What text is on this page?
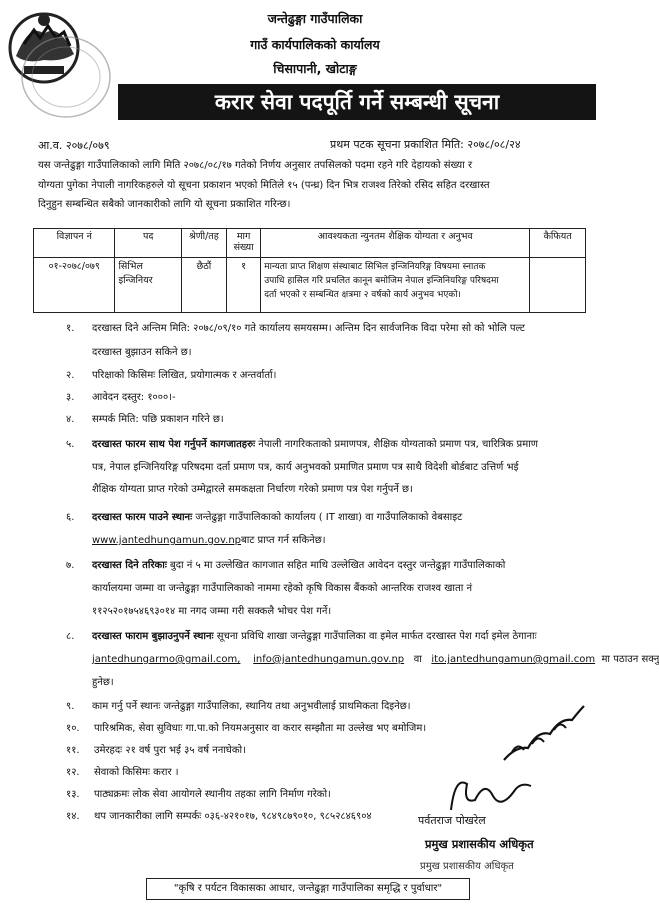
जन्तेढुङ्गा गाउँपालिका
गाउँ कार्यपालिकको कार्यालय
चिसापानी, खोटाङ्ग
करार सेवा पदपूर्ति गर्ने सम्बन्धी सूचना
आ.व. २०७८/०७९	प्रथम पटक सूचना प्रकाशित मिति: २०७८/०८/२४
यस जन्तेढुङ्गा गाउँपालिकाको लागि मिति २०७८/०८/१७ गतेको निर्णय अनुसार तपसिलको पदमा रहने गरि देहायको संख्या र
योग्यता पुगेका नेपाली नागरिकहरुले यो सूचना प्रकाशन भएको मितिले १५ (पन्ध्र) दिन भित्र राजश्व तिरेको रसिद सहित दरखास्त
दिनुहुन सम्बन्धित सबैको जानकारीको लागि यो सूचना प्रकाशित गरिन्छ।
विज्ञापन नं	पद	श्रेणी/तह	माग संख्या	आवश्यकता न्युनतम शैक्षिक योग्यता र अनुभव	कैफियत
०१-२०७८/०७९	सिभिल इन्जिनियर	छैठौं	१	मान्यता प्राप्त शिक्षण संस्थाबाट सिभिल इन्जिनियरिङ्ग विषयमा स्नातक
उपाधि हासिल गरि प्रचलित कानून बमोजिम नेपाल इन्जिनियरिङ्ग परिषदमा
दर्ता भएको र सम्बन्धित क्षत्रमा २ वर्षको कार्य अनुभव भएको।	

१. दरखास्त दिने अन्तिम मिति: २०७८/०९/१० गते कार्यालय समयसम्म। अन्तिम दिन सार्वजनिक विदा परेमा सो को भोलि पल्ट
दरखास्त बुझाउन सकिने छ।
२. परिक्षाको किसिमः लिखित, प्रयोगात्मक र अन्तर्वार्ता।
३. आवेदन दस्तुर: १०००।-
४. सम्पर्क मिति: पछि प्रकाशन गरिने छ।
५. दरखास्त फारम साथ पेश गर्नुपर्ने कागजातहरुः नेपाली नागरिकताको प्रमाणपत्र, शैक्षिक योग्यताको प्रमाण पत्र, चारित्रिक प्रमाण
पत्र, नेपाल इन्जिनियरिङ्ग परिषदमा दर्ता प्रमाण पत्र, कार्य अनुभवको प्रमाणित प्रमाण पत्र साथै विदेशी बोर्डबाट उत्तिर्ण भई
शैक्षिक योग्यता प्राप्त गरेको उम्मेद्वारले समकक्षता निर्धारण गरेको प्रमाण पत्र पेश गर्नुपर्ने छ।
६. दरखास्त फारम पाउने स्थानः जन्तेढुङ्गा गाउँपालिकाको कार्यालय ( IT शाखा) वा गाउँपालिकाको वेबसाइट
www.jantedhungamun.gov.npबाट प्राप्त गर्न सकिनेछ।
७. दरखास्त दिने तरिकाः बुदा नं ५ मा उल्लेखित कागजात सहित माथि उल्लेखित आवेदन दस्तुर जन्तेढुङ्गा गाउँपालिकाको
कार्यालयमा जम्मा वा जन्तेढुङ्गा गाउँपालिकाको नाममा रहेको कृषि विकास बैंकको आन्तरिक राजश्व खाता नं
११२५२०१७५४६९३०१४ मा नगद जम्मा गरी सक्कलै भोचर पेश गर्ने।
८. दरखास्त फाराम बुझाउनुपर्ने स्थानः सूचना प्रविधि शाखा जन्तेढुङ्गा गाउँपालिका वा इमेल मार्फत दरखास्त पेश गर्दा इमेल ठेगानाः
jantedhungarmo@gmail.com, info@jantedhungamun.gov.np वा ito.jantedhungamun@gmail.com मा पठाउन सक्नु
हुनेछ।
९. काम गर्नु पर्ने स्थानः जन्तेढुङ्गा गाउँपालिका, स्थानिय तथा अनुभवीलाई प्राथमिकता दिइनेछ।
१०. पारिश्रमिक, सेवा सुविधाः गा.पा.को नियमअनुसार वा करार सम्झौता मा उल्लेख भए बमोजिम।
११. उमेरहदः २१ वर्ष पुरा भई ३५ वर्ष ननाघेको।
१२. सेवाको किसिमः करार ।
१३. पाठ्यक्रमः लोक सेवा आयोगले स्थानीय तहका लागि निर्माण गरेको।
१४. थप जानकारीका लागि सम्पर्कः ०३६-४२१०१७, ९८४९८७९०१०, ९८५२८४६९०४	पर्वतराज पोखरेल
प्रमुख प्रशासकीय अधिकृत
प्रमुख प्रशासकीय अधिकृत
"कृषि र पर्यटन विकासका आधार, जन्तेढुङ्गा गाउँपालिका समृद्धि र पुर्वाधार"
